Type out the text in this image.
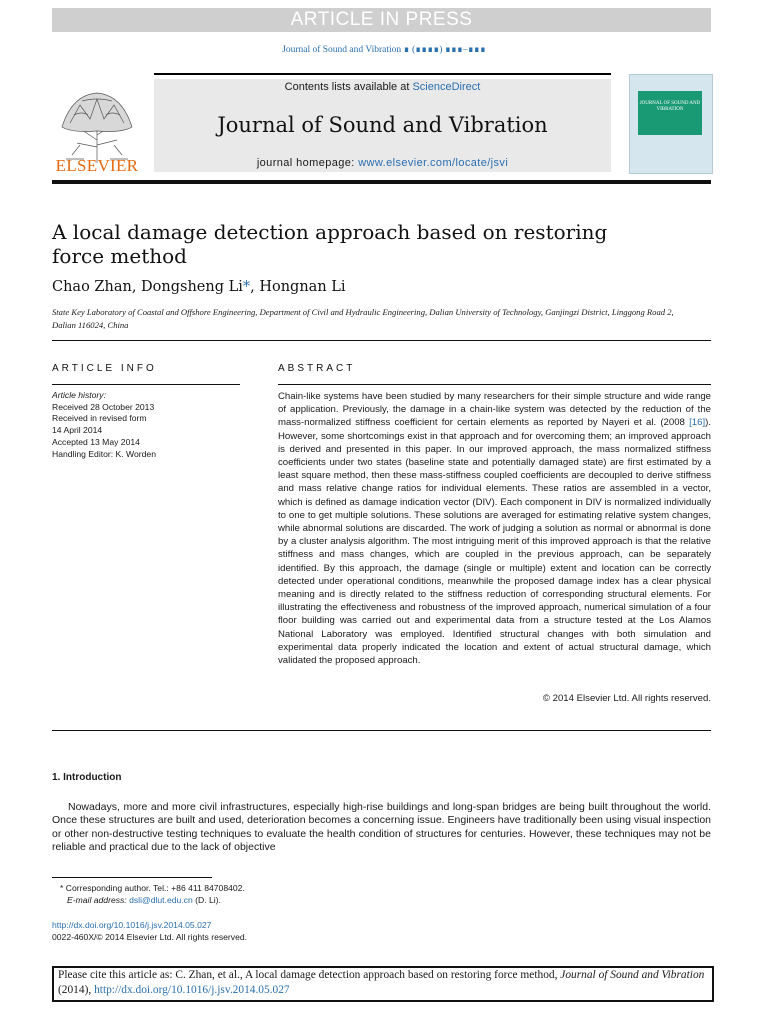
ARTICLE IN PRESS
Journal of Sound and Vibration ∎ (∎∎∎∎) ∎∎∎–∎∎∎
ELSEVIER
Contents lists available at ScienceDirect
Journal of Sound and Vibration
journal homepage: www.elsevier.com/locate/jsvi
JOURNAL OF SOUND AND VIBRATION
A local damage detection approach based on restoring force method
Chao Zhan, Dongsheng Li*, Hongnan Li
State Key Laboratory of Coastal and Offshore Engineering, Department of Civil and Hydraulic Engineering, Dalian University of Technology, Ganjingzi District, Linggong Road 2, Dalian 116024, China
ARTICLE INFO	ABSTRACT
Article history:
Received 28 October 2013
Received in revised form
14 April 2014
Accepted 13 May 2014
Handling Editor: K. Worden
Chain-like systems have been studied by many researchers for their simple structure and wide range of application. Previously, the damage in a chain-like system was detected by the reduction of the mass-normalized stiffness coefficient for certain elements as reported by Nayeri et al. (2008 [16]). However, some shortcomings exist in that approach and for overcoming them; an improved approach is derived and presented in this paper. In our improved approach, the mass normalized stiffness coefficients under two states (baseline state and potentially damaged state) are first estimated by a least square method, then these mass-stiffness coupled coefficients are decoupled to derive stiffness and mass relative change ratios for individual elements. These ratios are assembled in a vector, which is defined as damage indication vector (DIV). Each component in DIV is normalized individually to one to get multiple solutions. These solutions are averaged for estimating relative system changes, while abnormal solutions are discarded. The work of judging a solution as normal or abnormal is done by a cluster analysis algorithm. The most intriguing merit of this improved approach is that the relative stiffness and mass changes, which are coupled in the previous approach, can be separately identified. By this approach, the damage (single or multiple) extent and location can be correctly detected under operational conditions, meanwhile the proposed damage index has a clear physical meaning and is directly related to the stiffness reduction of corresponding structural elements. For illustrating the effectiveness and robustness of the improved approach, numerical simulation of a four floor building was carried out and experimental data from a structure tested at the Los Alamos National Laboratory was employed. Identified structural changes with both simulation and experimental data properly indicated the location and extent of actual structural damage, which validated the proposed approach.
© 2014 Elsevier Ltd. All rights reserved.
1. Introduction
Nowadays, more and more civil infrastructures, especially high-rise buildings and long-span bridges are being built throughout the world. Once these structures are built and used, deterioration becomes a concerning issue. Engineers have traditionally been using visual inspection or other non-destructive testing techniques to evaluate the health condition of structures for centuries. However, these techniques may not be reliable and practical due to the lack of objective
* Corresponding author. Tel.: +86 411 84708402.
E-mail address: dsli@dlut.edu.cn (D. Li).
http://dx.doi.org/10.1016/j.jsv.2014.05.027
0022-460X/© 2014 Elsevier Ltd. All rights reserved.
Please cite this article as: C. Zhan, et al., A local damage detection approach based on restoring force method, Journal of Sound and Vibration (2014), http://dx.doi.org/10.1016/j.jsv.2014.05.027
